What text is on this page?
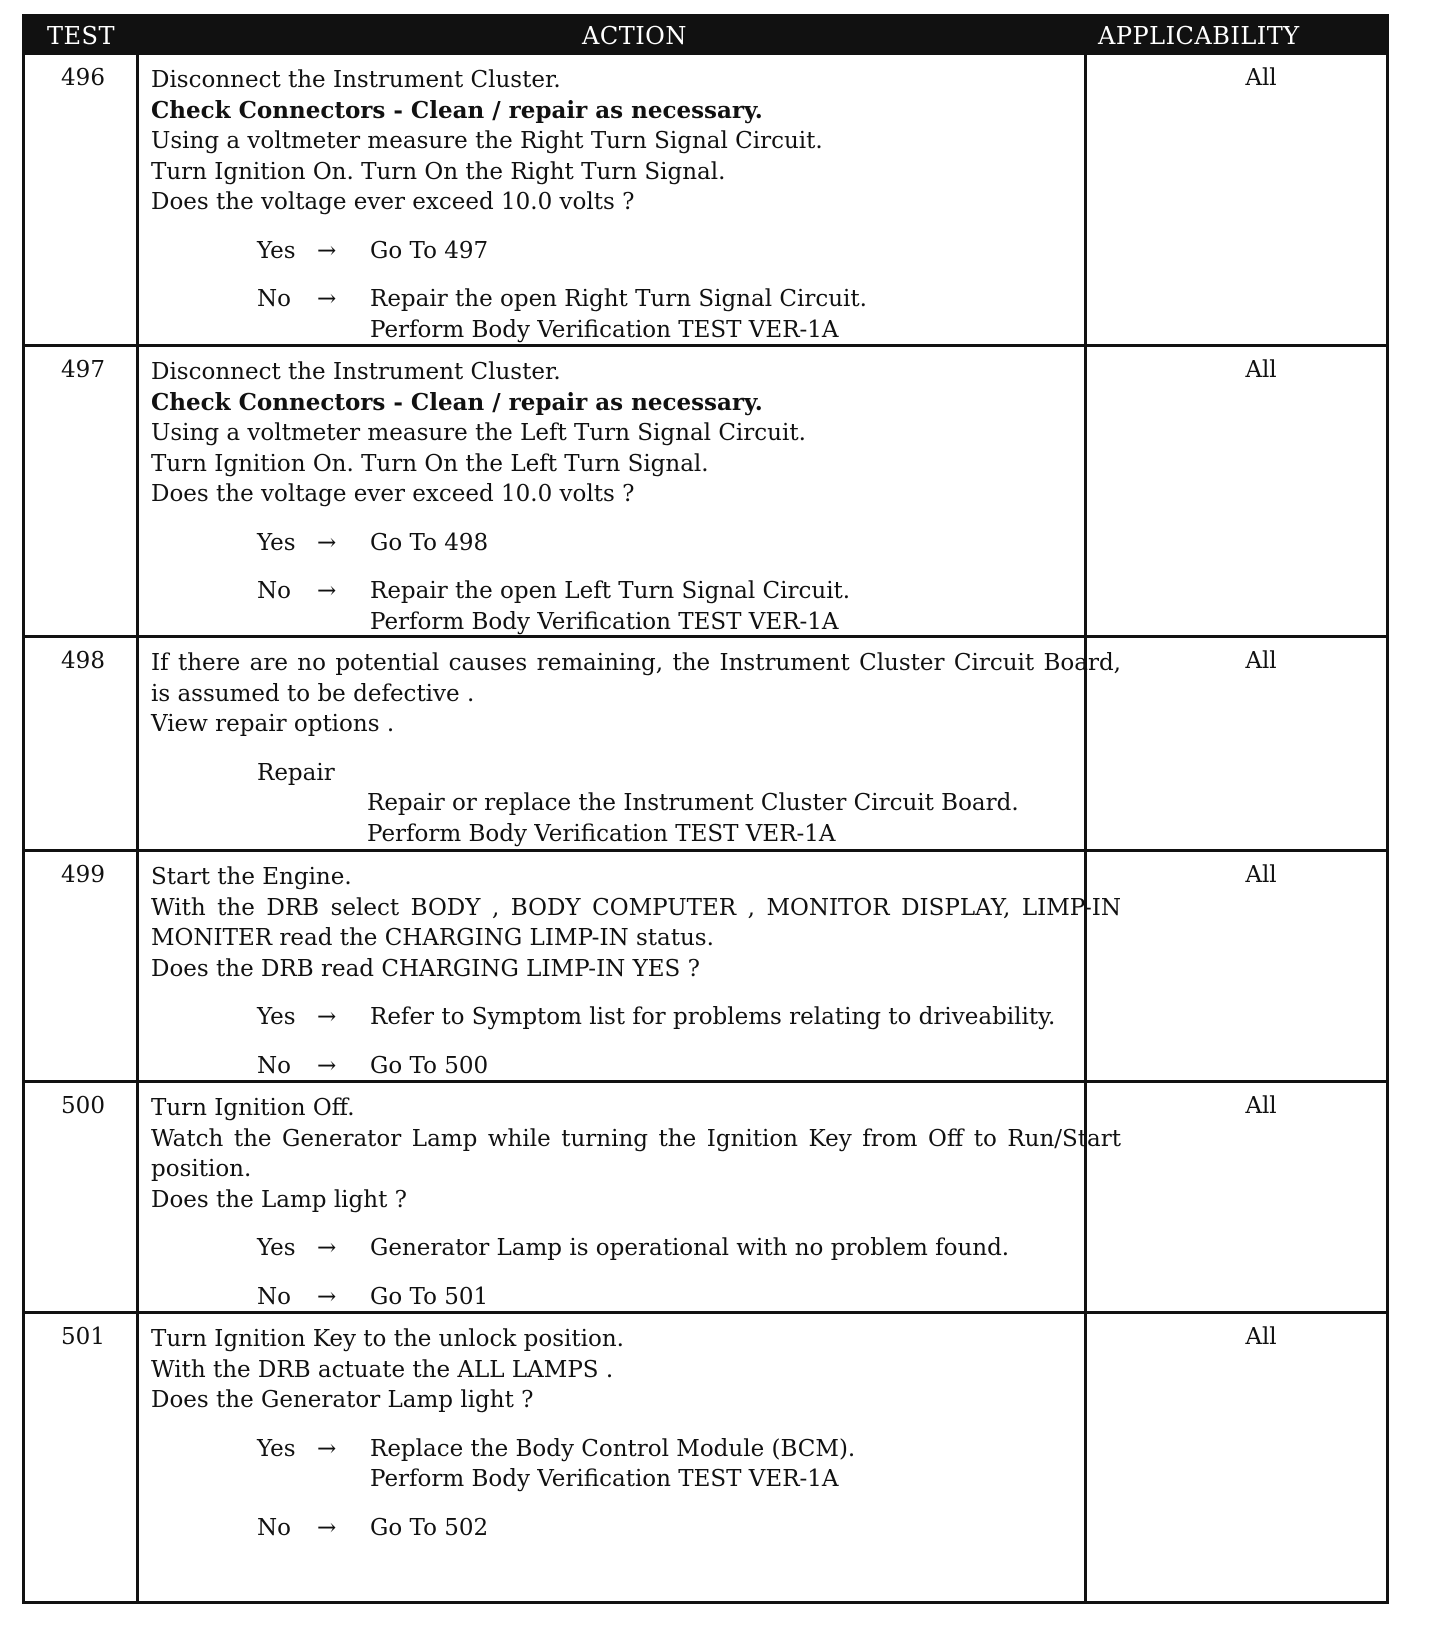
TEST	ACTION	APPLICABILITY
496	Disconnect the Instrument Cluster.

Check Connectors - Clean / repair as necessary.

Using a voltmeter measure the Right Turn Signal Circuit.

Turn Ignition On. Turn On the Right Turn Signal.

Does the voltage ever exceed 10.0 volts ?

Yes →	Go To 497
No	→	Repair the open Right Turn Signal Circuit.
Perform Body Verification TEST VER-1A
All
497	Disconnect the Instrument Cluster.

Check Connectors - Clean / repair as necessary.

Using a voltmeter measure the Left Turn Signal Circuit.

Turn Ignition On. Turn On the Left Turn Signal.

Does the voltage ever exceed 10.0 volts ?

Yes →	Go To 498
No	→	Repair the open Left Turn Signal Circuit.
Perform Body Verification TEST VER-1A
All
498	If there are no potential causes remaining, the Instrument Cluster Circuit Board, is assumed to be defective .

View repair options .

Repair
Repair or replace the Instrument Cluster Circuit Board.
Perform Body Verification TEST VER-1A
All
499	Start the Engine.

With the DRB select BODY , BODY COMPUTER , MONITOR DISPLAY, LIMP-IN MONITER read the CHARGING LIMP-IN status.

Does the DRB read CHARGING LIMP-IN YES ?

Yes →	Refer to Symptom list for problems relating to driveability.
No	→	Go To 500
All
500	Turn Ignition Off.

Watch the Generator Lamp while turning the Ignition Key from Off to Run/Start position.

Does the Lamp light ?

Yes →	Generator Lamp is operational with no problem found.
No	→	Go To 501
All
501	Turn Ignition Key to the unlock position.

With the DRB actuate the ALL LAMPS .

Does the Generator Lamp light ?

Yes →	Replace the Body Control Module (BCM).
Perform Body Verification TEST VER-1A
No	→	Go To 502
All
